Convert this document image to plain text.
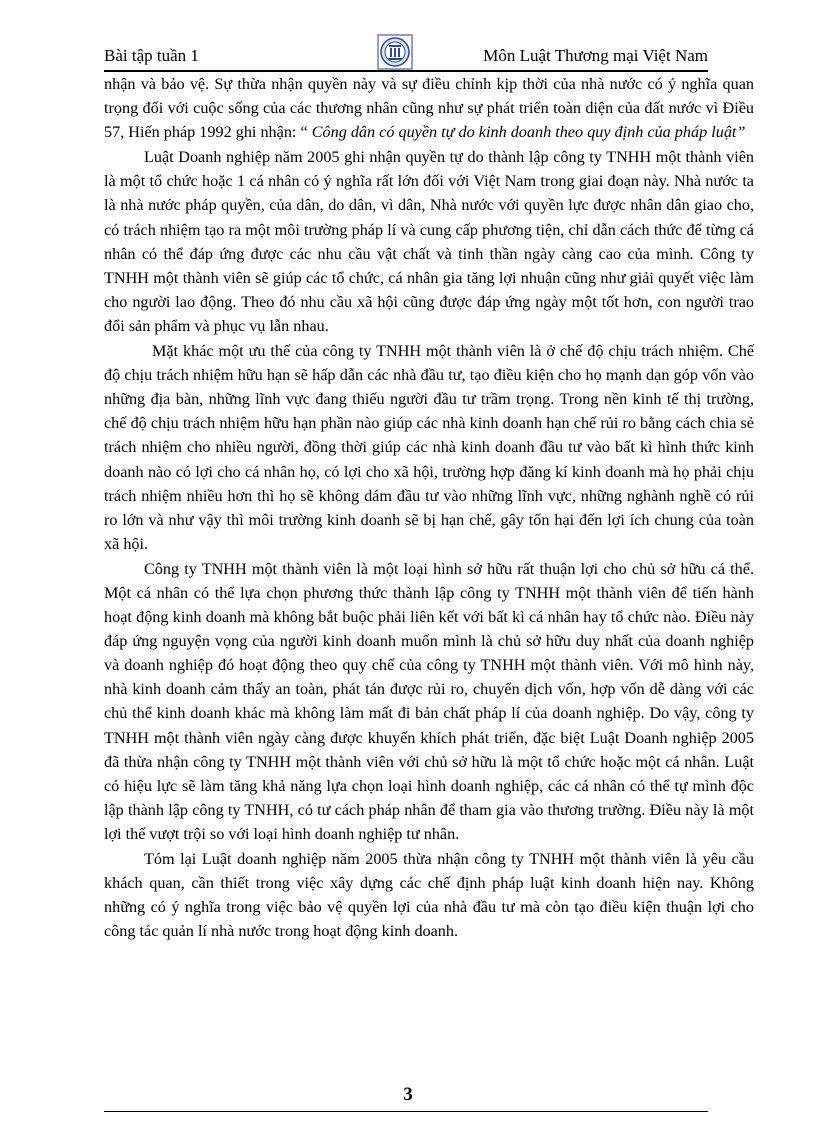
Bài tập tuần 1	Môn Luật Thương mại Việt Nam

nhận và bảo vệ. Sự thừa nhận quyền này và sự điều chỉnh kịp thời của nhà nước có ý nghĩa quan trọng đối với cuộc sống của các thương nhân cũng như sự phát triển toàn diện của đất nước vì Điều 57, Hiến pháp 1992 ghi nhận: “ Công dân có quyền tự do kinh doanh theo quy định của pháp luật”

Luật Doanh nghiệp năm 2005 ghi nhận quyền tự do thành lập công ty TNHH một thành viên là một tổ chức hoặc 1 cá nhân có ý nghĩa rất lớn đối với Việt Nam trong giai đoạn này. Nhà nước ta là nhà nước pháp quyền, của dân, do dân, vì dân, Nhà nước với quyền lực được nhân dân giao cho, có trách nhiệm tạo ra một môi trường pháp lí và cung cấp phương tiện, chỉ dẫn cách thức để từng cá nhân có thể đáp ứng được các nhu cầu vật chất và tinh thần ngày càng cao của mình. Công ty TNHH một thành viên sẽ giúp các tổ chức, cá nhân gia tăng lợi nhuận cũng như giải quyết việc làm cho người lao động. Theo đó nhu cầu xã hội cũng được đáp ứng ngày một tốt hơn, con người trao đổi sản phẩm và phục vụ lẫn nhau.

Mặt khác một ưu thế của công ty TNHH một thành viên là ở chế độ chịu trách nhiệm. Chế độ chịu trách nhiệm hữu hạn sẽ hấp dẫn các nhà đầu tư, tạo điều kiện cho họ mạnh dạn góp vốn vào những địa bàn, những lĩnh vực đang thiếu người đầu tư trầm trọng. Trong nền kinh tế thị trường, chế độ chịu trách nhiệm hữu hạn phần nào giúp các nhà kinh doanh hạn chế rủi ro bằng cách chia sẻ trách nhiệm cho nhiều người, đồng thời giúp các nhà kinh doanh đầu tư vào bất kì hình thức kinh doanh nào có lợi cho cá nhân họ, có lợi cho xã hội, trường hợp đăng kí kinh doanh mà họ phải chịu trách nhiệm nhiều hơn thì họ sẽ không dám đầu tư vào những lĩnh vực, những nghành nghề có rủi ro lớn và như vậy thì môi trường kinh doanh sẽ bị hạn chế, gây tổn hại đến lợi ích chung của toàn xã hội.

Công ty TNHH một thành viên là một loại hình sở hữu rất thuận lợi cho chủ sở hữu cá thể. Một cá nhân có thể lựa chọn phương thức thành lập công ty TNHH một thành viên để tiến hành hoạt động kinh doanh mà không bắt buộc phải liên kết với bất kì cá nhân hay tổ chức nào. Điều này đáp ứng nguyện vọng của người kinh doanh muốn mình là chủ sở hữu duy nhất của doanh nghiệp và doanh nghiệp đó hoạt động theo quy chế của công ty TNHH một thành viên. Với mô hình này, nhà kinh doanh cảm thấy an toàn, phát tán được rủi ro, chuyển dịch vốn, hợp vốn dễ dàng với các chủ thể kinh doanh khác mà không làm mất đi bản chất pháp lí của doanh nghiệp. Do vậy, công ty TNHH một thành viên ngày càng được khuyến khích phát triển, đặc biệt Luật Doanh nghiệp 2005 đã thừa nhận công ty TNHH một thành viên với chủ sở hữu là một tổ chức hoặc một cá nhân. Luật có hiệu lực sẽ làm tăng khả năng lựa chọn loại hình doanh nghiệp, các cá nhân có thể tự mình độc lập thành lập công ty TNHH, có tư cách pháp nhân để tham gia vào thương trường. Điều này là một lợi thế vượt trội so với loại hình doanh nghiệp tư nhân.

Tóm lại Luật doanh nghiệp năm 2005 thừa nhận công ty TNHH một thành viên là yêu cầu khách quan, cần thiết trong việc xây dựng các chế định pháp luật kinh doanh hiện nay. Không những có ý nghĩa trong việc bảo vệ quyền lợi của nhà đầu tư mà còn tạo điều kiện thuận lợi cho công tác quản lí nhà nước trong hoạt động kinh doanh.

3
